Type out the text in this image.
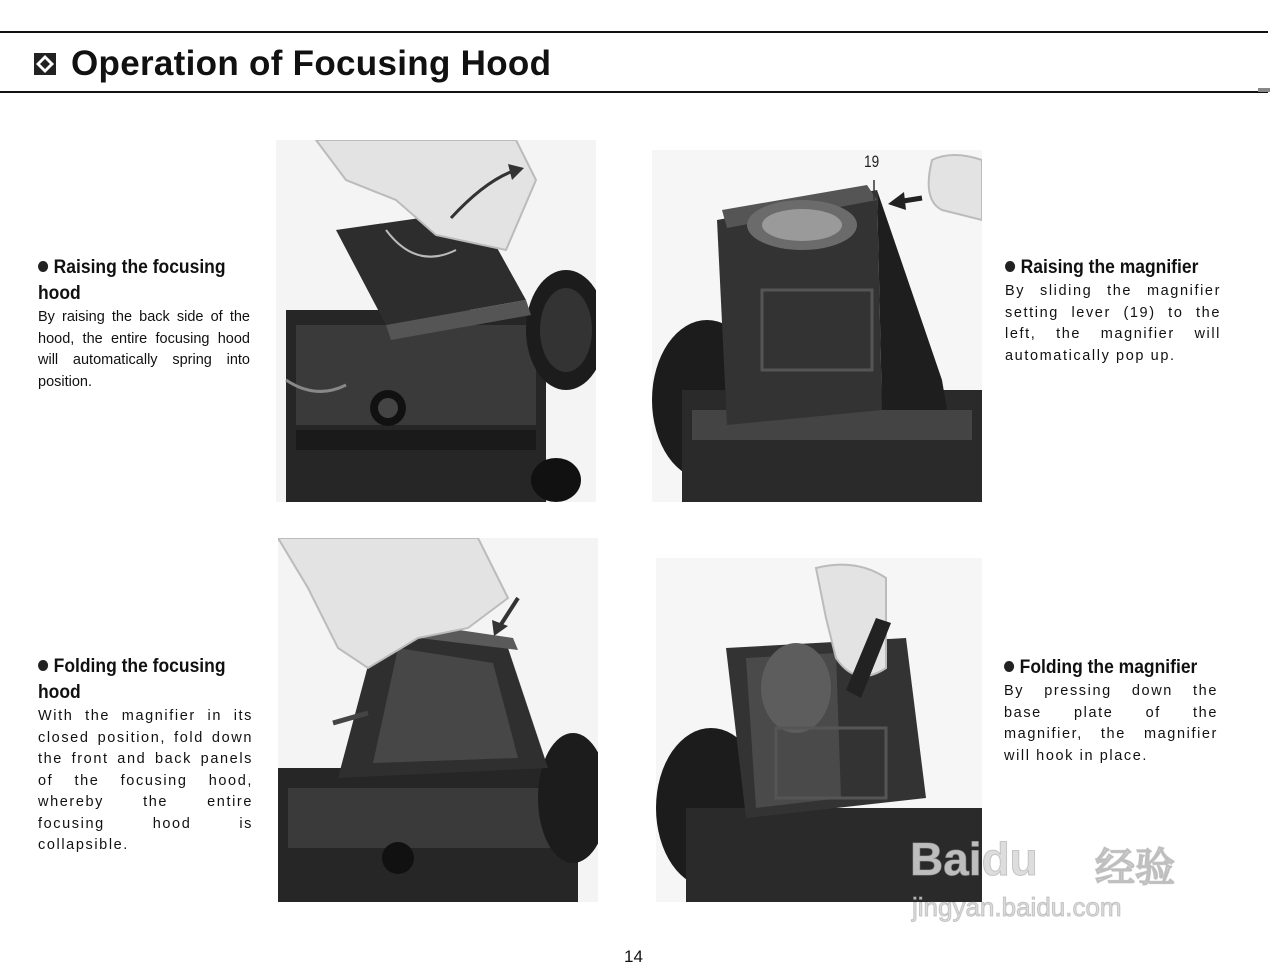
Operation of Focusing Hood
Raising the focusing hood
By raising the back side of the hood, the entire focusing hood will automatically spring into position.
Raising the magnifier
By sliding the magnifier setting lever (19) to the left, the magnifier will automatically pop up.
Folding the focusing hood
With the magnifier in its closed position, fold down the front and back panels of the focusing hood, whereby the entire focusing hood is collapsible.
Folding the magnifier
By pressing down the base plate of the magnifier, the magnifier will hook in place.
19
Baidu 经验
jingyan.baidu.com
14
